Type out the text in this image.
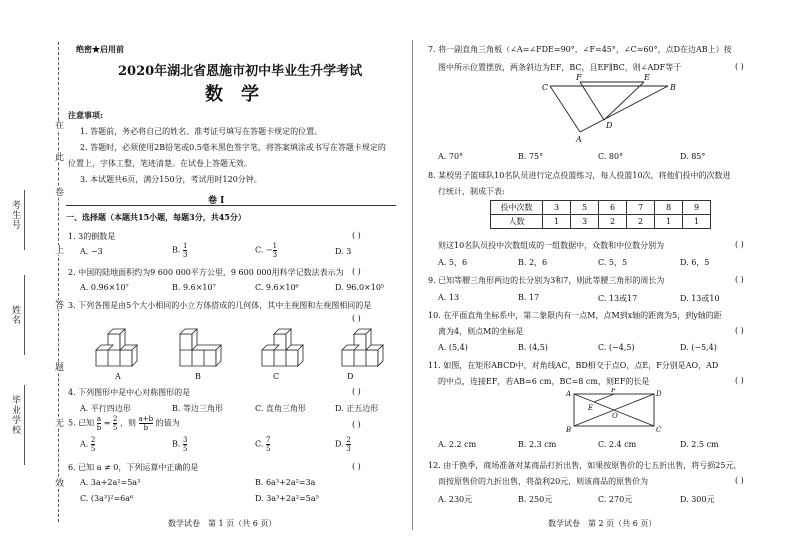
考生号
姓名
毕业学校
在
此
卷
上
答
题
无
效
绝密★启用前
2020年湖北省恩施市初中毕业生升学考试
数学
注意事项:
1. 答题前，务必将自己的姓名、准考证号填写在答题卡规定的位置。
2. 答题时，必须使用2B铅笔或0.5毫米黑色签字笔，将答案填涂或书写在答题卡规定的
位置上，字体工整，笔迹清楚。在试卷上答题无效。
3. 本试题共6页，满分150分，考试用时120分钟。
卷 Ⅰ
一、选择题（本题共15小题，每题3分，共45分）
1. 3的倒数是	( )
A. −3	B. $\frac{1}{3}$	C. − $\frac{1}{3}$	D. 3
2. 中国的陆地面积约为9 600 000平方公里，9 600 000用科学记数法表示为 ( )
A. 0.96×10⁷	B. 9.6×10⁷	C. 9.6×10⁶	D. 96.0×10⁵
3. 下列各图是由5个大小相同的小立方体搭成的几何体，其中主视图和左视图相同的是
( )
A	B	C	D
4. 下列图形中是中心对称图形的是	( )
A. 平行四边形	B. 等边三角形	C. 直角三角形	D. 正五边形
5. 已知 $\frac{a}{b} = \frac{2}{5}$ ，则 $\frac{a+b}{b}$ 的值为	( )
A. $\frac{2}{5}$	B. $\frac{3}{5}$	C. $\frac{7}{5}$	D. $\frac{2}{3}$
6. 已知 a ≠ 0，下列运算中正确的是	( )
A. 3a+2a²=5a³	B. 6a³+2a²=3a
C. (3a³)²=6a⁶	D. 3a³+2a²=5a⁵
数学试卷　第 1 页（共 6 页）
7. 将一副直角三角板（∠A=∠FDE=90°，∠F=45°，∠C=60°，点D在边AB上）按
图中所示位置摆放，两条斜边为EF，BC，且EF∥BC，则∠ADF等于	( )
F	E
C	B
D
A
A. 70°	B. 75°	C. 80°	D. 85°
8. 某校男子篮球队10名队员进行定点投篮练习，每人投篮10次，将他们投中的次数进
行统计，制成下表:
投中次数	3	5	6	7	8	9
人数	1	3	2	2	1	1
则这10名队员投中次数组成的一组数据中，众数和中位数分别为	( )
A. 5，6	B. 2，6	C. 5，5	D. 6，5
9. 已知等腰三角形两边的长分别为3和7，则此等腰三角形的周长为	( )
A. 13	B. 17	C. 13或17	D. 13或10
10. 在平面直角坐标系中，第二象限内有一点M，点M到x轴的距离为5，到y轴的距
离为4，则点M的坐标是	( )
A. (5,4)	B. (4,5)	C. (−4,5)	D. (−5,4)
11. 如图，在矩形ABCD中，对角线AC，BD相交于点O，点E，F分别是AO，AD
的中点，连接EF，若AB=6 cm，BC=8 cm，则EF的长是	( )
A	F	D
E
O
B	C
A. 2.2 cm	B. 2.3 cm	C. 2.4 cm	D. 2.5 cm
12. 由于换季，商场准备对某商品打折出售，如果按原售价的七五折出售，将亏损25元，
而按原售价的九折出售，将盈利20元，则该商品的原售价为	( )
A. 230元	B. 250元	C. 270元	D. 300元
数学试卷　第 2 页（共 6 页）
